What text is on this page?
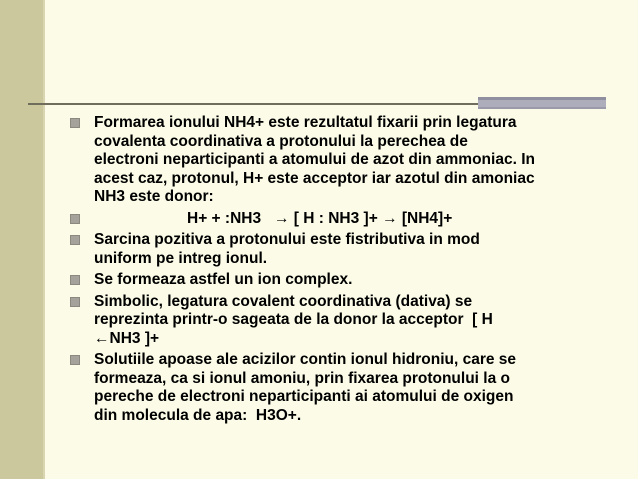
Formarea ionului NH4+ este rezultatul fixarii prin legatura
covalenta coordinativa a protonului la perechea de
electroni neparticipanti a atomului de azot din ammoniac. In
acest caz, protonul, H+ este acceptor iar azotul din amoniac
NH3 este donor:
H+ + :NH3   → [ H : NH3 ]+ → [NH4]+
Sarcina pozitiva a protonului este fistributiva in mod
uniform pe intreg ionul.
Se formeaza astfel un ion complex.
Simbolic, legatura covalent coordinativa (dativa) se
reprezinta printr-o sageata de la donor la acceptor  [ H
←NH3 ]+
Solutiile apoase ale acizilor contin ionul hidroniu, care se
formeaza, ca si ionul amoniu, prin fixarea protonului la o
pereche de electroni neparticipanti ai atomului de oxigen
din molecula de apa:  H3O+.
